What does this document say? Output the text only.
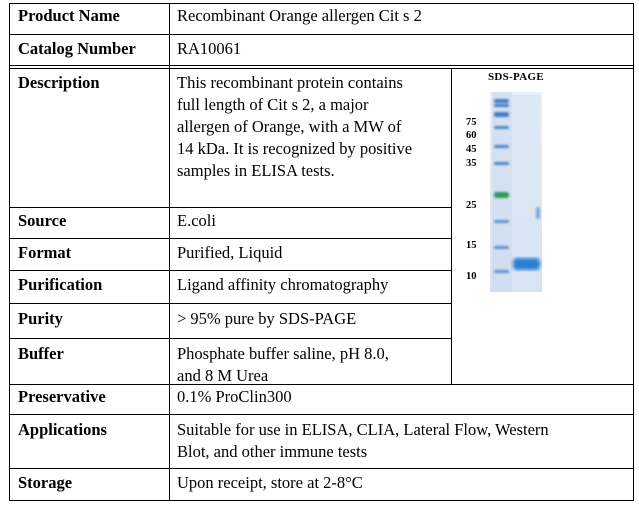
Product Name
Catalog Number
Description
Source
Format
Purification
Purity
Buffer
Preservative
Applications
Storage
Recombinant Orange allergen Cit s 2
RA10061
This recombinant protein contains
full length of Cit s 2, a major
allergen of Orange, with a MW of
14 kDa. It is recognized by positive
samples in ELISA tests.
E.coli
Purified, Liquid
Ligand affinity chromatography
> 95% pure by SDS-PAGE
Phosphate buffer saline, pH 8.0,
and 8 M Urea
0.1% ProClin300
Suitable for use in ELISA, CLIA, Lateral Flow, Western
Blot, and other immune tests
Upon receipt, store at 2-8°C
SDS-PAGE
75
60
45
35
25
15
10
